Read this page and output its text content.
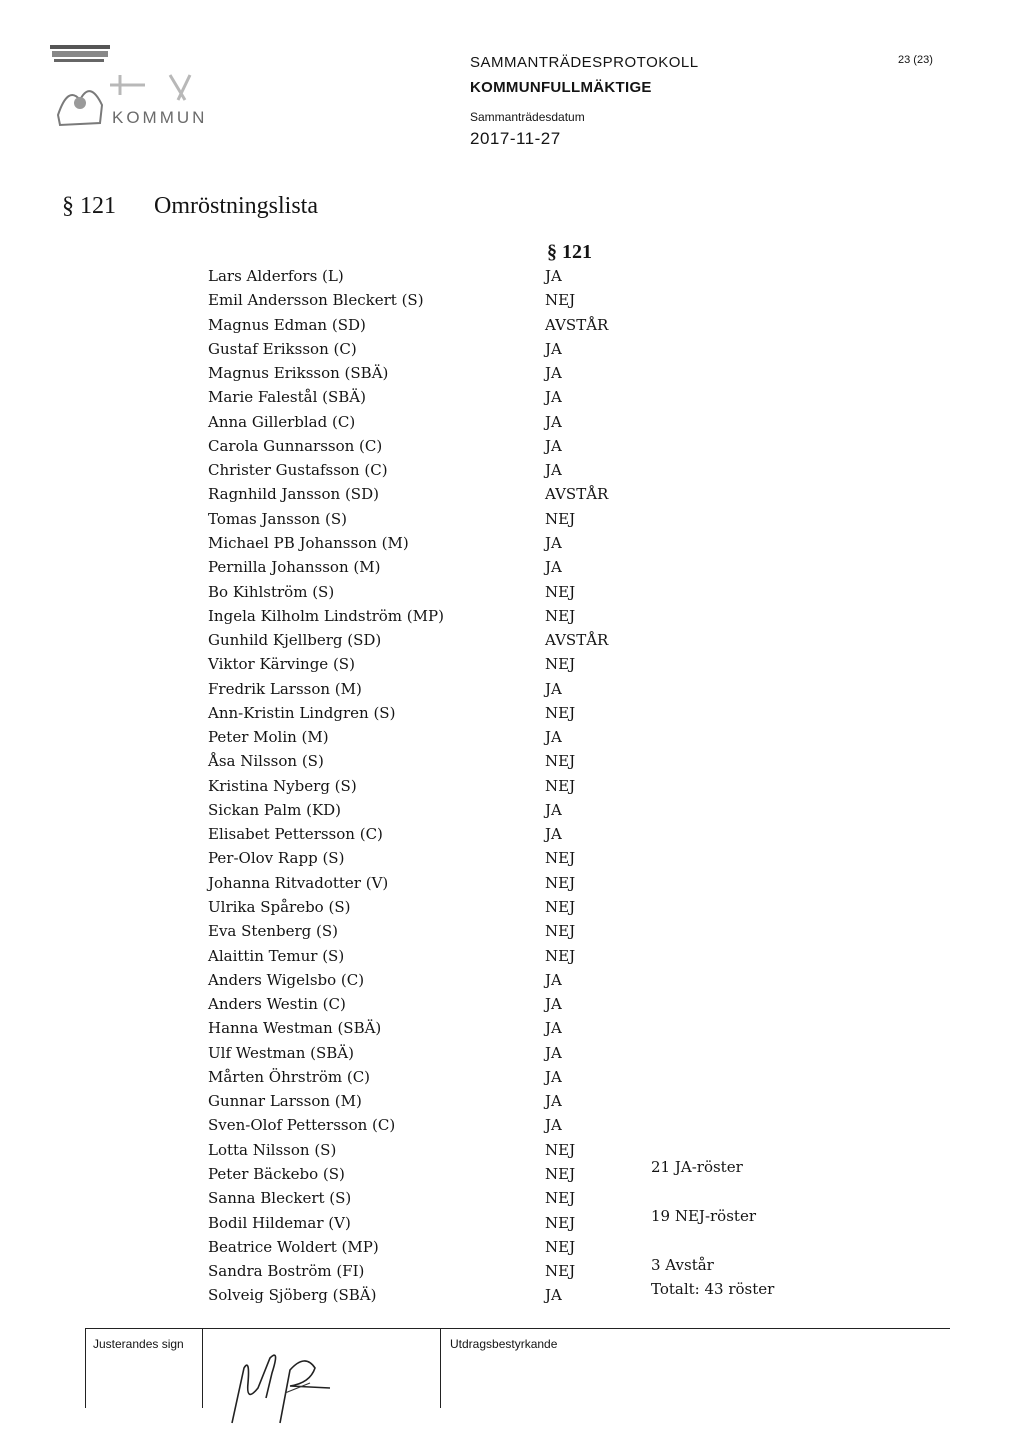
KOMMUN
SAMMANTRÄDESPROTOKOLL
KOMMUNFULLMÄKTIGE
Sammanträdesdatum
2017-11-27
23 (23)
§ 121 Omröstningslista
§ 121
Lars Alderfors (L)	JA
Emil Andersson Bleckert (S)	NEJ
Magnus Edman (SD)	AVSTÅR
Gustaf Eriksson (C)	JA
Magnus Eriksson (SBÄ)	JA
Marie Falestål (SBÄ)	JA
Anna Gillerblad (C)	JA
Carola Gunnarsson (C)	JA
Christer Gustafsson (C)	JA
Ragnhild Jansson (SD)	AVSTÅR
Tomas Jansson (S)	NEJ
Michael PB Johansson (M)	JA
Pernilla Johansson (M)	JA
Bo Kihlström (S)	NEJ
Ingela Kilholm Lindström (MP)	NEJ
Gunhild Kjellberg (SD)	AVSTÅR
Viktor Kärvinge (S)	NEJ
Fredrik Larsson (M)	JA
Ann-Kristin Lindgren (S)	NEJ
Peter Molin (M)	JA
Åsa Nilsson (S)	NEJ
Kristina Nyberg (S)	NEJ
Sickan Palm (KD)	JA
Elisabet Pettersson (C)	JA
Per-Olov Rapp (S)	NEJ
Johanna Ritvadotter (V)	NEJ
Ulrika Spårebo (S)	NEJ
Eva Stenberg (S)	NEJ
Alaittin Temur (S)	NEJ
Anders Wigelsbo (C)	JA
Anders Westin (C)	JA
Hanna Westman (SBÄ)	JA
Ulf Westman (SBÄ)	JA
Mårten Öhrström (C)	JA
Gunnar Larsson (M)	JA
Sven-Olof Pettersson (C)	JA
Lotta Nilsson (S)	NEJ
Peter Bäckebo (S)	NEJ
Sanna Bleckert (S)	NEJ
Bodil Hildemar (V)	NEJ
Beatrice Woldert (MP)	NEJ
Sandra Boström (FI)	NEJ
Solveig Sjöberg (SBÄ)	JA
21 JA-röster
19 NEJ-röster
3 Avstår
Totalt: 43 röster
Justerandes sign	Utdragsbestyrkande
